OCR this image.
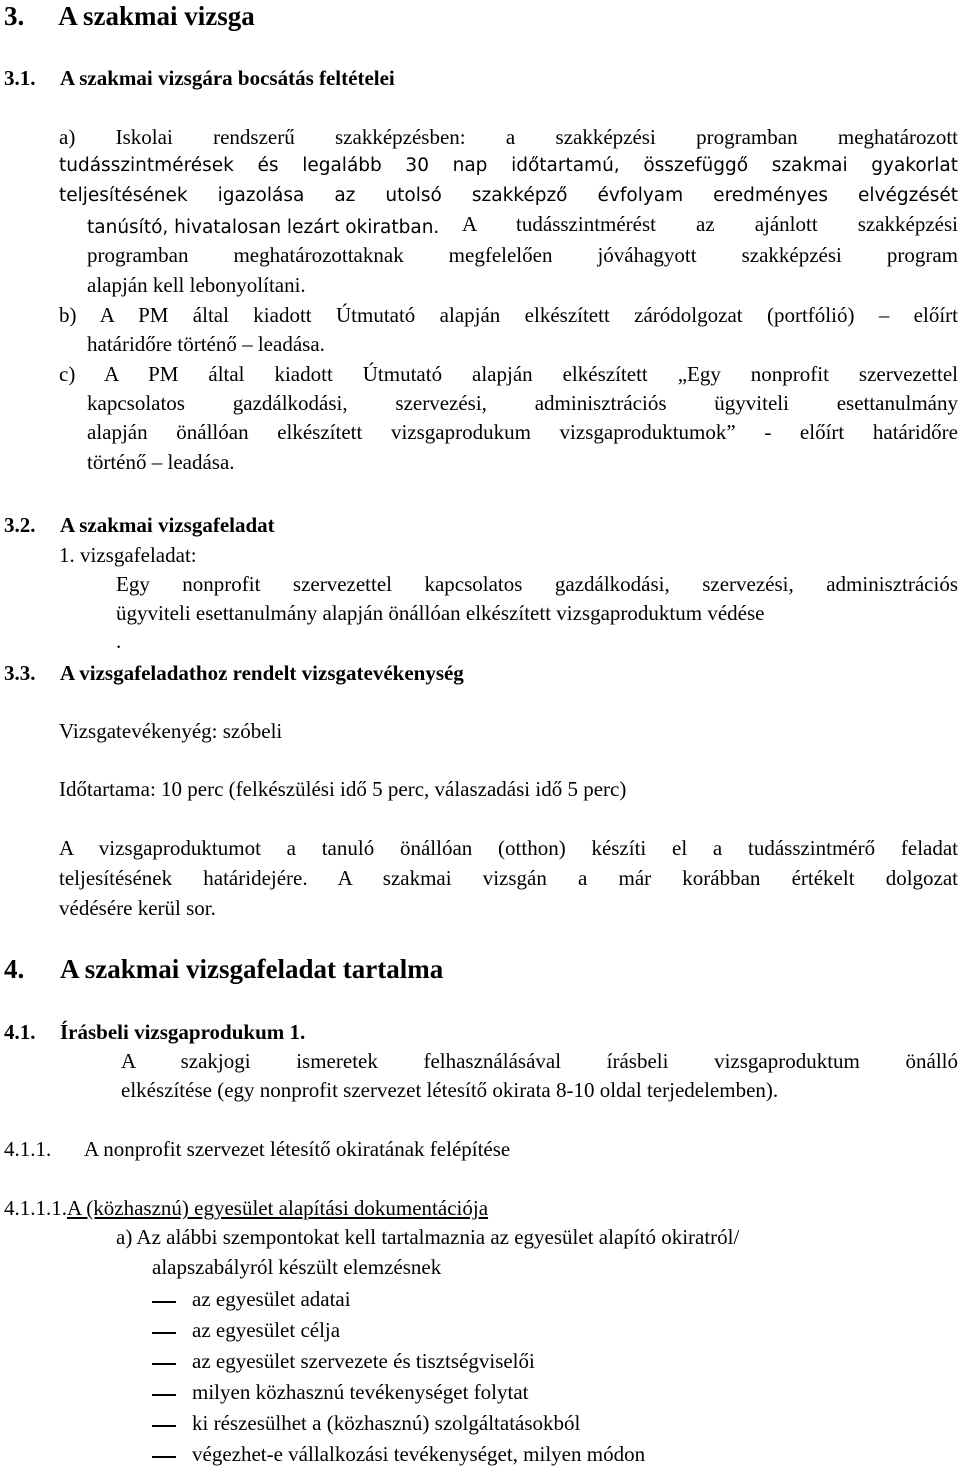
3. A szakmai vizsga
3.1. A szakmai vizsgára bocsátás feltételei
a) Iskolai rendszerű szakképzésben: a szakképzési programban meghatározott
tudásszintmérések és legalább 30 nap időtartamú, összefüggő szakmai gyakorlat
teljesítésének igazolása az utolsó szakképző évfolyam eredményes elvégzését
tanúsító, hivatalosan lezárt okiratban. A tudásszintmérést az ajánlott szakképzési
programban meghatározottaknak megfelelően jóváhagyott szakképzési program
alapján kell lebonyolítani.
b) A PM által kiadott Útmutató alapján elkészített záródolgozat (portfólió) – előírt
határidőre történő – leadása.
c) A PM által kiadott Útmutató alapján elkészített „Egy nonprofit szervezettel
kapcsolatos gazdálkodási, szervezési, adminisztrációs ügyviteli esettanulmány
alapján önállóan elkészített vizsgaprodukum vizsgaproduktumok” - előírt határidőre
történő – leadása.
3.2. A szakmai vizsgafeladat
1. vizsgafeladat:
Egy nonprofit szervezettel kapcsolatos gazdálkodási, szervezési, adminisztrációs
ügyviteli esettanulmány alapján önállóan elkészített vizsgaproduktum védése
.
3.3. A vizsgafeladathoz rendelt vizsgatevékenység
Vizsgatevékenyég: szóbeli
Időtartama: 10 perc (felkészülési idő 5 perc, válaszadási idő 5 perc)
A vizsgaproduktumot a tanuló önállóan (otthon) készíti el a tudásszintmérő feladat
teljesítésének határidejére. A szakmai vizsgán a már korábban értékelt dolgozat
védésére kerül sor.
4. A szakmai vizsgafeladat tartalma
4.1. Írásbeli vizsgaprodukum 1.
A szakjogi ismeretek felhasználásával írásbeli vizsgaproduktum önálló
elkészítése (egy nonprofit szervezet létesítő okirata 8-10 oldal terjedelemben).
4.1.1. A nonprofit szervezet létesítő okiratának felépítése
4.1.1.1.A (közhasznú) egyesület alapítási dokumentációja
a) Az alábbi szempontokat kell tartalmaznia az egyesület alapító okiratról/
alapszabályról készült elemzésnek
az egyesület adatai
az egyesület célja
az egyesület szervezete és tisztségviselői
milyen közhasznú tevékenységet folytat
ki részesülhet a (közhasznú) szolgáltatásokból
végezhet-e vállalkozási tevékenységet, milyen módon
